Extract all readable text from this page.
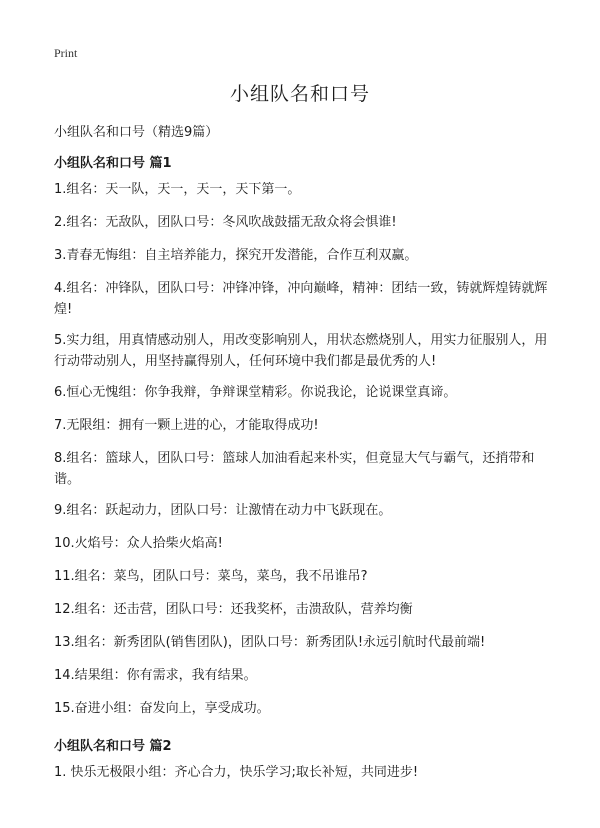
Print
小组队名和口号
小组队名和口号（精选9篇）
小组队名和口号 篇1
1.组名：天一队，天一，天一，天下第一。
2.组名：无敌队，团队口号：冬风吹战鼓擂无敌众将会惧谁!
3.青春无悔组：自主培养能力，探究开发潜能，合作互利双赢。
4.组名：冲锋队，团队口号：冲锋冲锋，冲向巅峰，精神：团结一致，铸就辉煌铸就辉煌!
5.实力组，用真情感动别人，用改变影响别人，用状态燃烧别人，用实力征服别人，用行动带动别人，用坚持赢得别人，任何环境中我们都是最优秀的人!
6.恒心无愧组：你争我辩，争辩课堂精彩。你说我论，论说课堂真谛。
7.无限组：拥有一颗上进的心，才能取得成功!
8.组名：篮球人，团队口号：篮球人加油看起来朴实，但竟显大气与霸气，还捎带和谐。
9.组名：跃起动力，团队口号：让激情在动力中飞跃现在。
10.火焰号：众人拾柴火焰高!
11.组名：菜鸟，团队口号：菜鸟，菜鸟，我不吊谁吊?
12.组名：还击营，团队口号：还我奖杯，击溃敌队，营养均衡
13.组名：新秀团队(销售团队)，团队口号：新秀团队!永远引航时代最前端!
14.结果组：你有需求，我有结果。
15.奋进小组：奋发向上，享受成功。
小组队名和口号 篇2
1. 快乐无极限小组：齐心合力，快乐学习;取长补短，共同进步!
